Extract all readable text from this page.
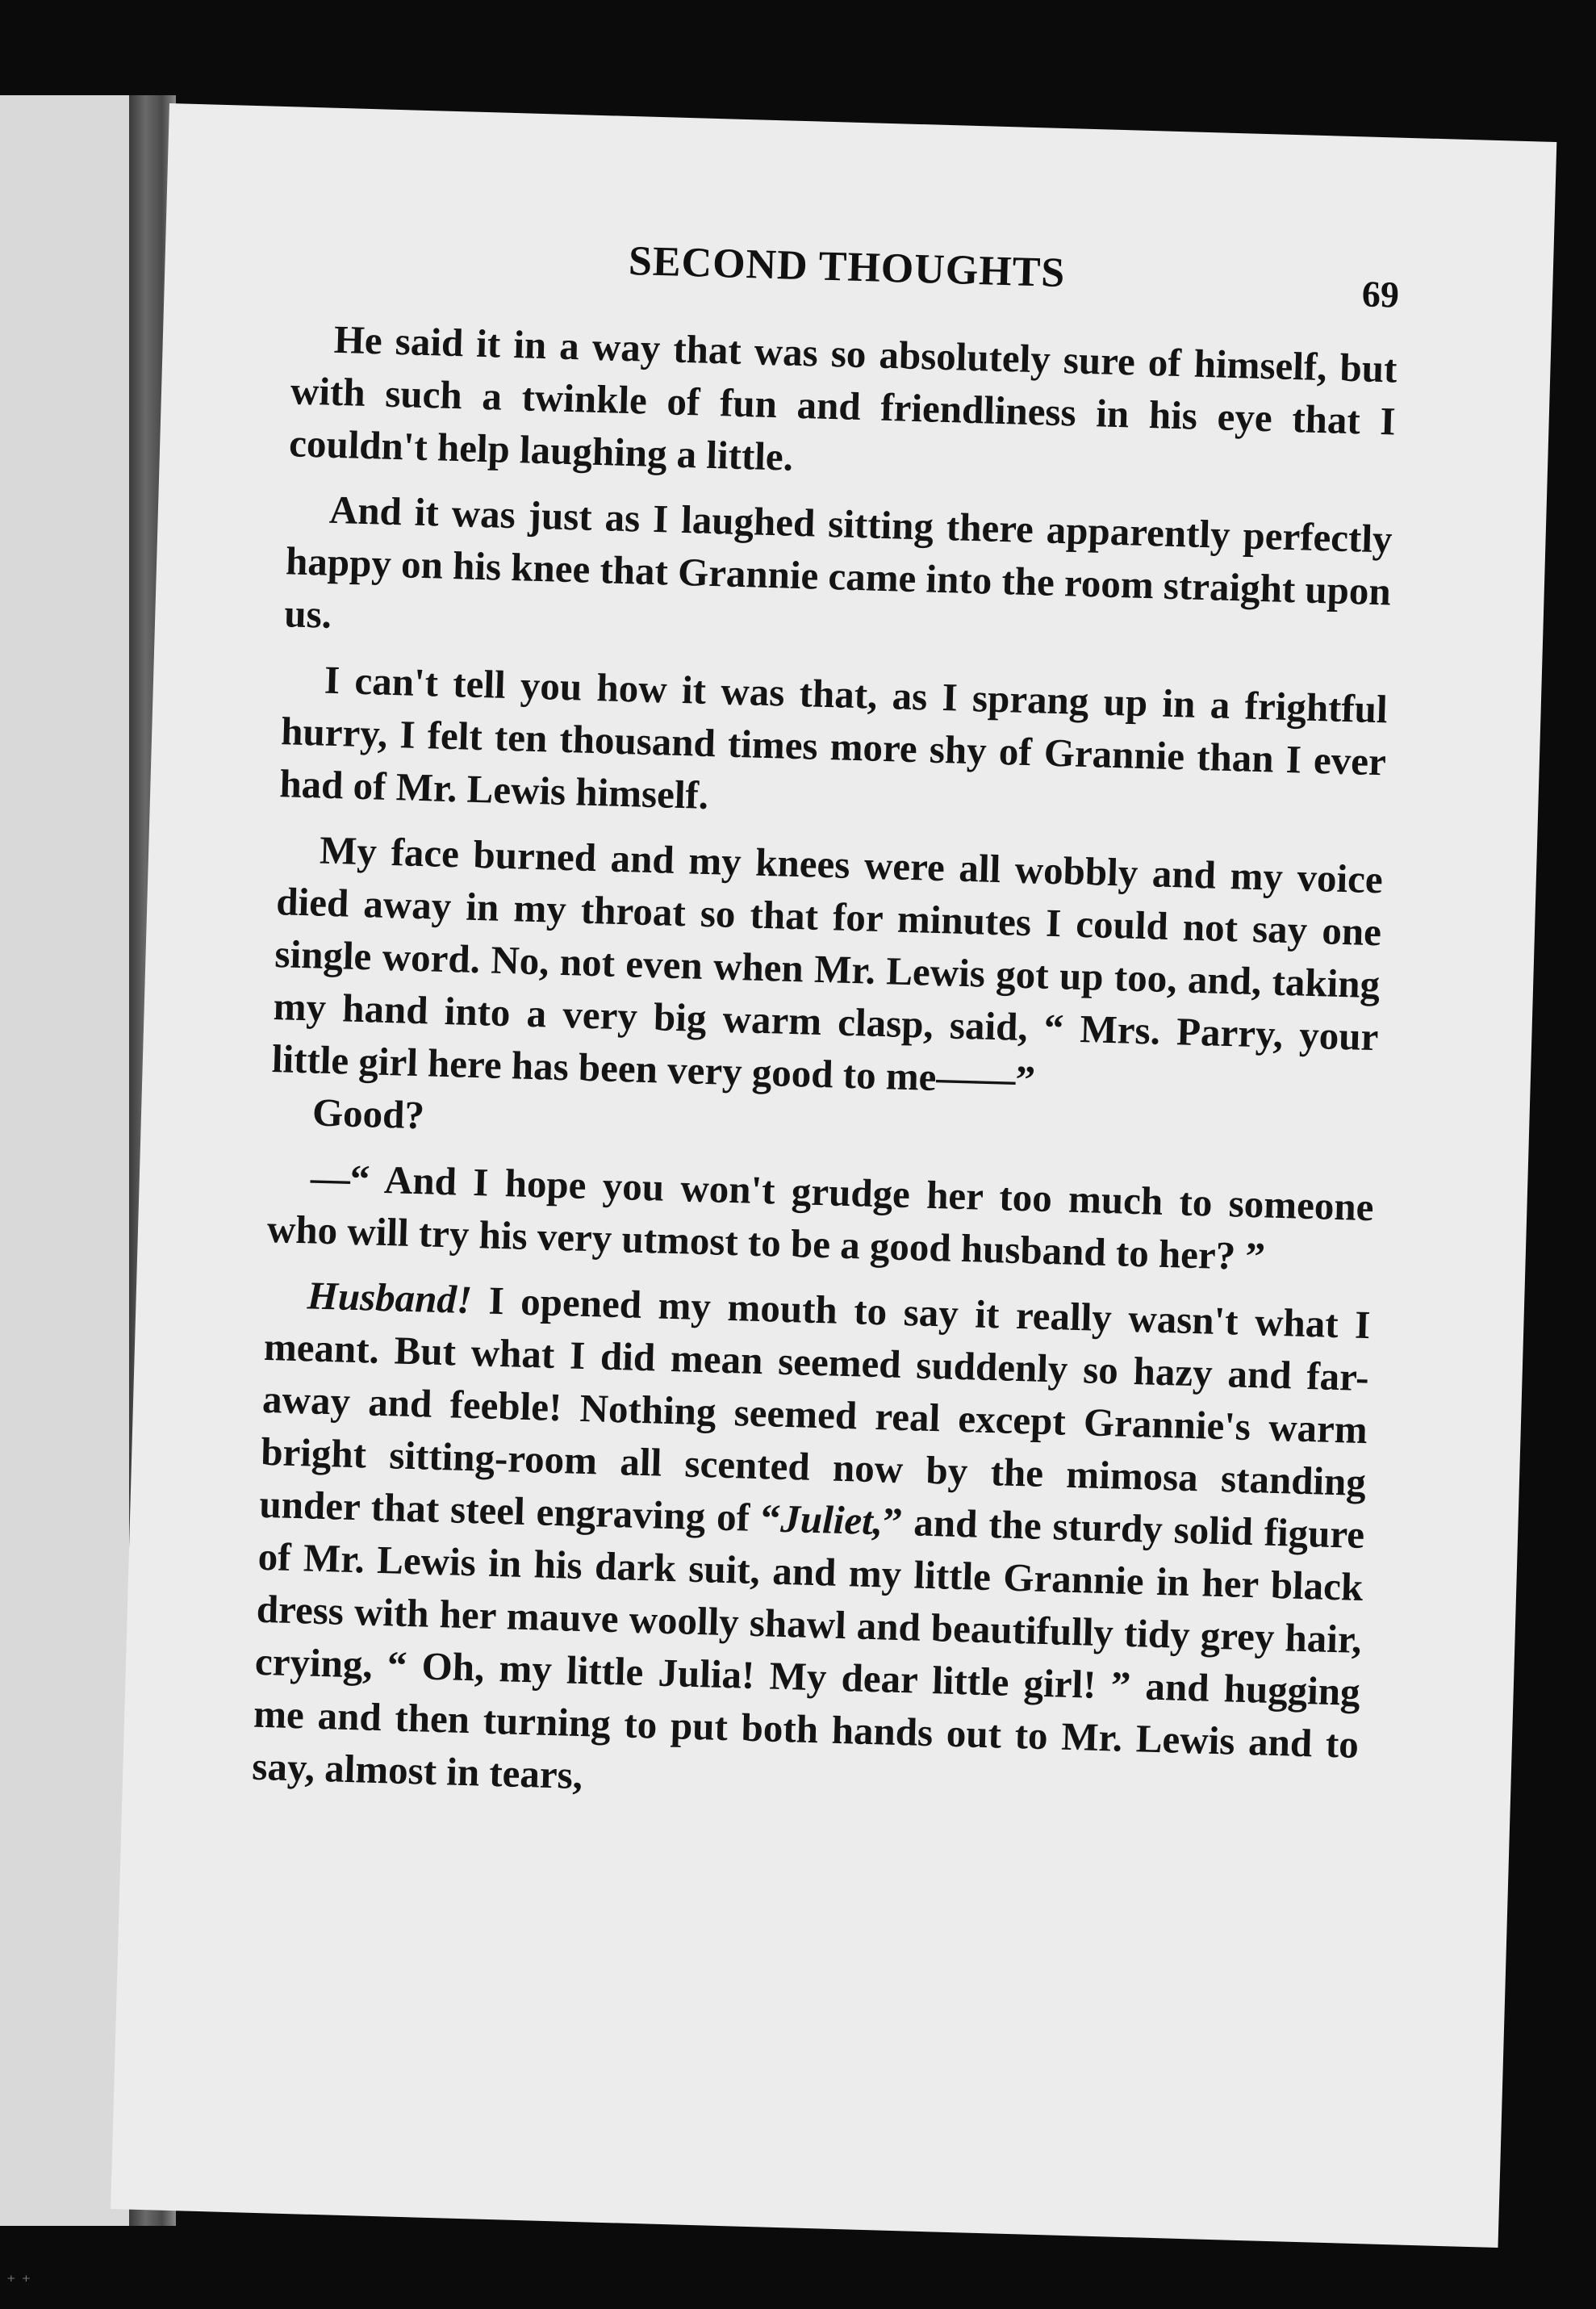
SECOND THOUGHTS	69

He said it in a way that was so absolutely sure of himself, but with such a twinkle of fun and friendliness in his eye that I couldn't help laughing a little.

And it was just as I laughed sitting there apparently perfectly happy on his knee that Grannie came into the room straight upon us.

I can't tell you how it was that, as I sprang up in a frightful hurry, I felt ten thousand times more shy of Grannie than I ever had of Mr. Lewis himself.

My face burned and my knees were all wobbly and my voice died away in my throat so that for minutes I could not say one single word. No, not even when Mr. Lewis got up too, and, taking my hand into a very big warm clasp, said, “ Mrs. Parry, your little girl here has been very good to me——”

Good?

—“ And I hope you won't grudge her too much to someone who will try his very utmost to be a good husband to her? ”

Husband! I opened my mouth to say it really wasn't what I meant. But what I did mean seemed suddenly so hazy and far-away and feeble! Nothing seemed real except Grannie's warm bright sitting-room all scented now by the mimosa standing under that steel engraving of “Juliet,” and the sturdy solid figure of Mr. Lewis in his dark suit, and my little Grannie in her black dress with her mauve woolly shawl and beautifully tidy grey hair, crying, “ Oh, my little Julia! My dear little girl! ” and hugging me and then turning to put both hands out to Mr. Lewis and to say, almost in tears,

⁺ ⁺
